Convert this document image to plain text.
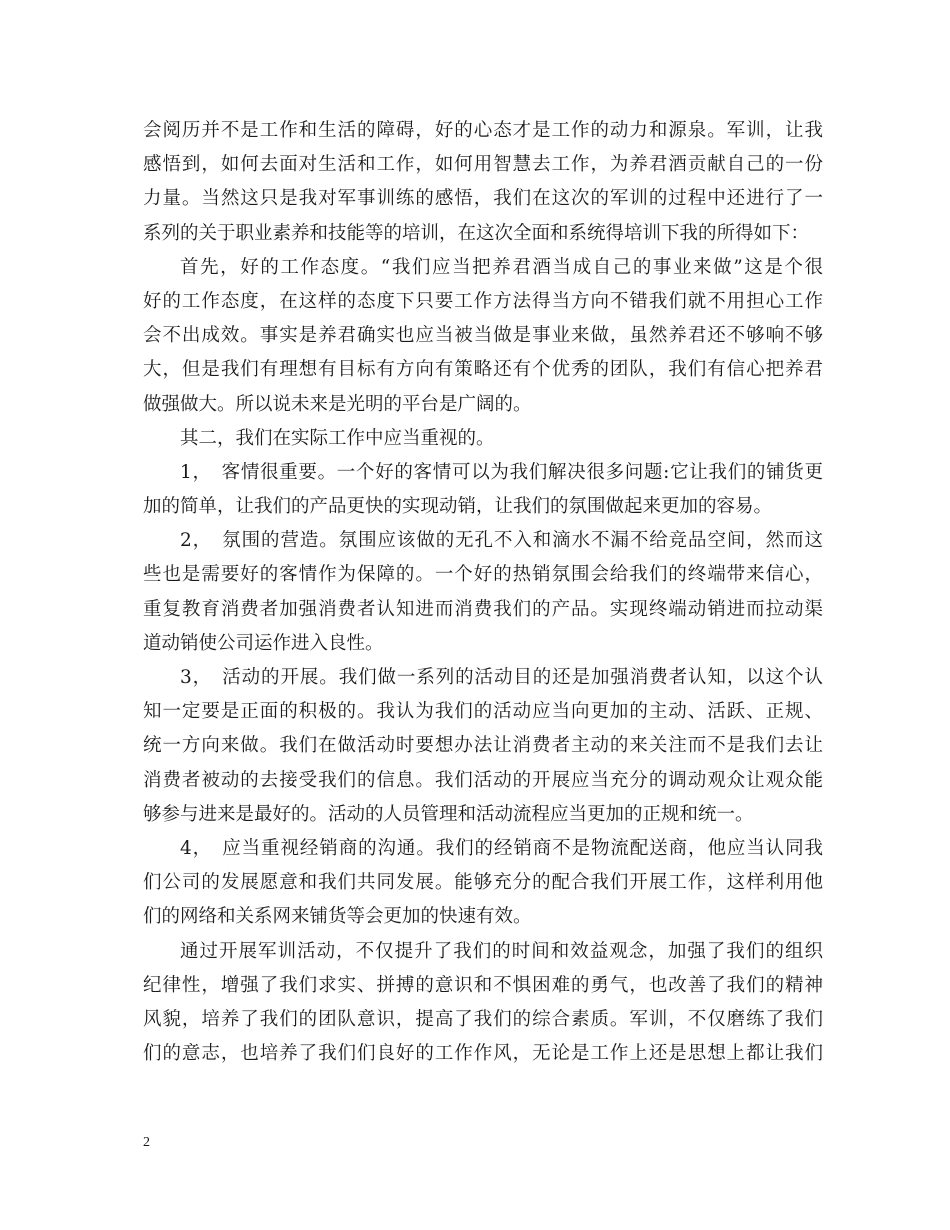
会阅历并不是工作和生活的障碍，好的心态才是工作的动力和源泉。军训，让我
感悟到，如何去面对生活和工作，如何用智慧去工作，为养君酒贡献自己的一份
力量。当然这只是我对军事训练的感悟，我们在这次的军训的过程中还进行了一
系列的关于职业素养和技能等的培训，在这次全面和系统得培训下我的所得如下：
首先，好的工作态度。“我们应当把养君酒当成自己的事业来做”这是个很
好的工作态度，在这样的态度下只要工作方法得当方向不错我们就不用担心工作
会不出成效。事实是养君确实也应当被当做是事业来做，虽然养君还不够响不够
大，但是我们有理想有目标有方向有策略还有个优秀的团队，我们有信心把养君
做强做大。所以说未来是光明的平台是广阔的。
其二，我们在实际工作中应当重视的。
1，　客情很重要。一个好的客情可以为我们解决很多问题:它让我们的铺货更
加的简单，让我们的产品更快的实现动销，让我们的氛围做起来更加的容易。
2，　氛围的营造。氛围应该做的无孔不入和滴水不漏不给竞品空间，然而这
些也是需要好的客情作为保障的。一个好的热销氛围会给我们的终端带来信心，
重复教育消费者加强消费者认知进而消费我们的产品。实现终端动销进而拉动渠
道动销使公司运作进入良性。
3，　活动的开展。我们做一系列的活动目的还是加强消费者认知，以这个认
知一定要是正面的积极的。我认为我们的活动应当向更加的主动、活跃、正规、
统一方向来做。我们在做活动时要想办法让消费者主动的来关注而不是我们去让
消费者被动的去接受我们的信息。我们活动的开展应当充分的调动观众让观众能
够参与进来是最好的。活动的人员管理和活动流程应当更加的正规和统一。
4，　应当重视经销商的沟通。我们的经销商不是物流配送商，他应当认同我
们公司的发展愿意和我们共同发展。能够充分的配合我们开展工作，这样利用他
们的网络和关系网来铺货等会更加的快速有效。
通过开展军训活动，不仅提升了我们的时间和效益观念，加强了我们的组织
纪律性，增强了我们求实、拼搏的意识和不惧困难的勇气，也改善了我们的精神
风貌，培养了我们的团队意识，提高了我们的综合素质。军训，不仅磨练了我们
们的意志，也培养了我们们良好的工作作风，无论是工作上还是思想上都让我们
2
